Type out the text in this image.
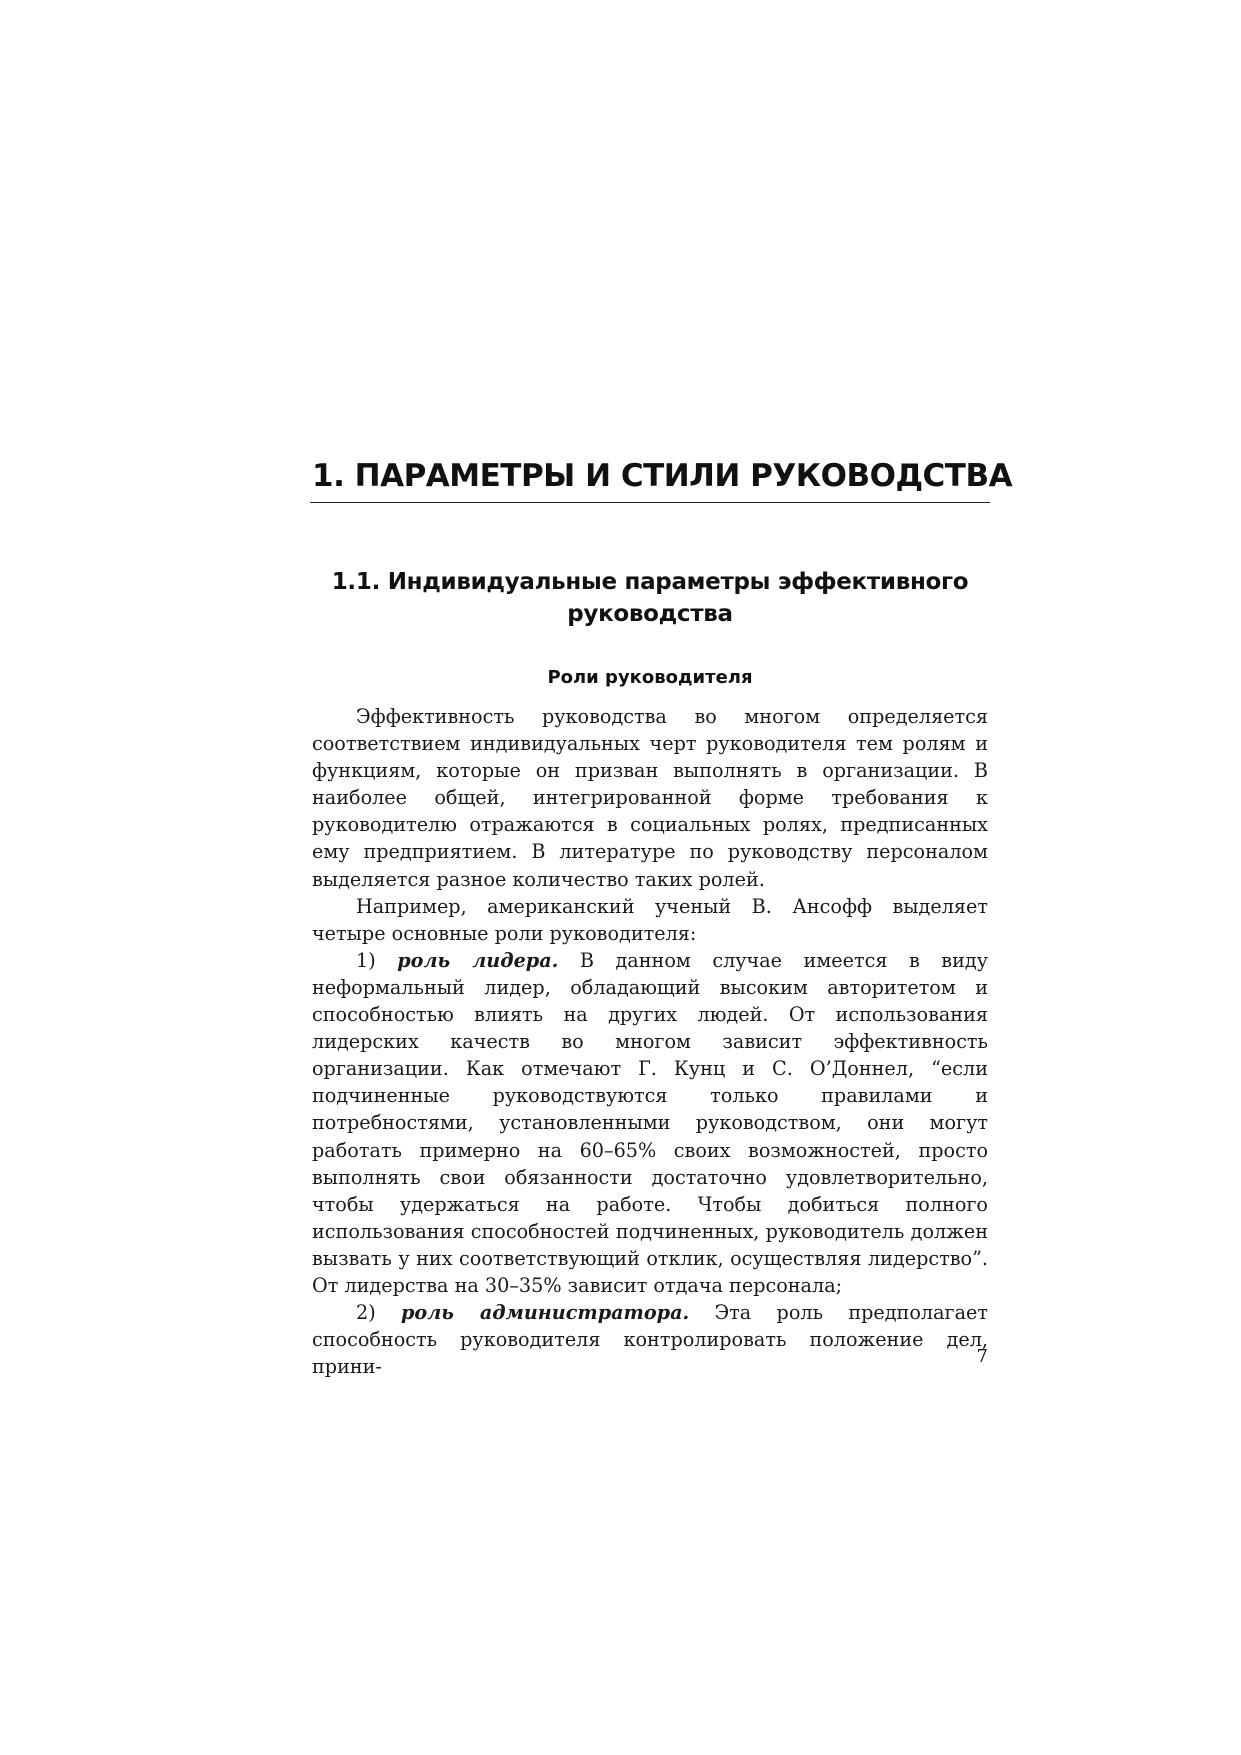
1. ПАРАМЕТРЫ И СТИЛИ РУКОВОДСТВА
1.1. Индивидуальные параметры эффективного руководства
Роли руководителя

Эффективность руководства во многом определяется соответствием индивидуальных черт руководителя тем ролям и функциям, которые он призван выполнять в организации. В наиболее общей, интегрированной форме требования к руководителю отражаются в социальных ролях, предписанных ему предприятием. В литературе по руководству персоналом выделяется разное количество таких ролей.

Например, американский ученый В. Ансофф выделяет четыре основные роли руководителя:

1) роль лидера. В данном случае имеется в виду неформальный лидер, обладающий высоким авторитетом и способностью влиять на других людей. От использования лидерских качеств во многом зависит эффективность организации. Как отмечают Г. Кунц и С. О’Доннел, “если подчиненные руководствуются только правилами и потребностями, установленными руководством, они могут работать примерно на 60–65% своих возможностей, просто выполнять свои обязанности достаточно удовлетворительно, чтобы удержаться на работе. Чтобы добиться полного использования способностей подчиненных, руководитель должен вызвать у них соответствующий отклик, осуществляя лидерство”. От лидерства на 30–35% зависит отдача персонала;

2) роль администратора. Эта роль предполагает способность руководителя контролировать положение дел, прини-	7
